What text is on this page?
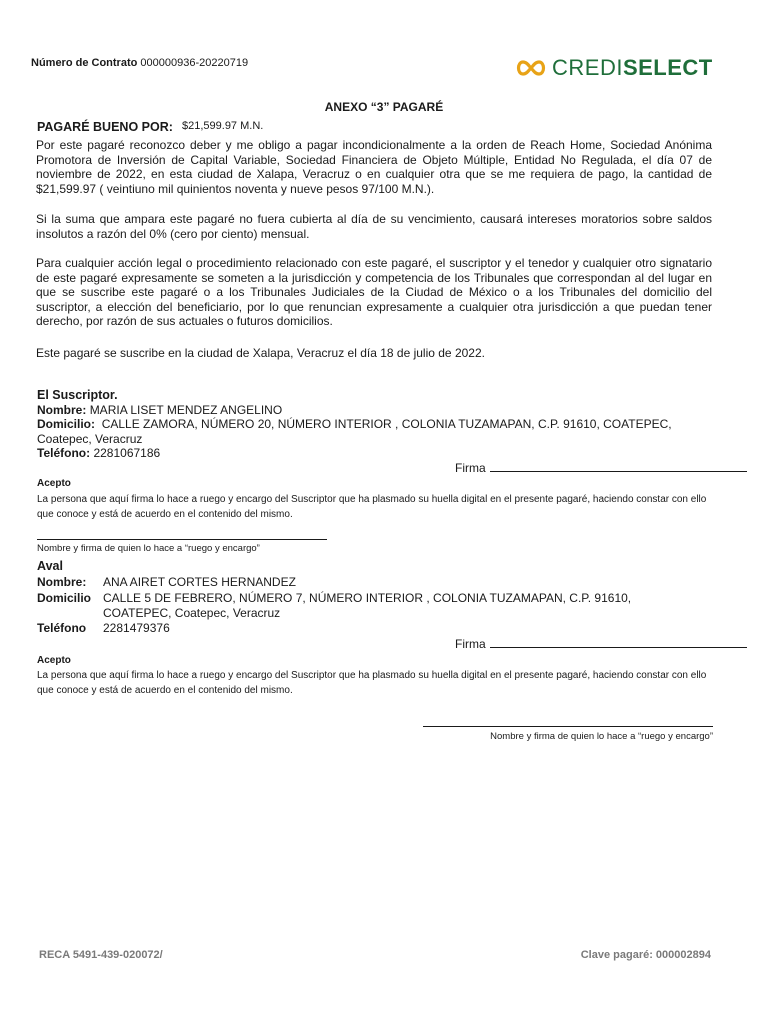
Número de Contrato 000000936-20220719	CREDISELECT
ANEXO “3” PAGARÉ
PAGARÉ BUENO POR: $21,599.97 M.N.
Por este pagaré reconozco deber y me obligo a pagar incondicionalmente a la orden de Reach Home, Sociedad Anónima Promotora de Inversión de Capital Variable, Sociedad Financiera de Objeto Múltiple, Entidad No Regulada, el día 07 de noviembre de 2022, en esta ciudad de Xalapa, Veracruz o en cualquier otra que se me requiera de pago, la cantidad de $21,599.97 ( veintiuno mil quinientos noventa y nueve pesos 97/100 M.N.).
Si la suma que ampara este pagaré no fuera cubierta al día de su vencimiento, causará intereses moratorios sobre saldos insolutos a razón del 0% (cero por ciento) mensual.
Para cualquier acción legal o procedimiento relacionado con este pagaré, el suscriptor y el tenedor y cualquier otro signatario de este pagaré expresamente se someten a la jurisdicción y competencia de los Tribunales que correspondan al del lugar en que se suscribe este pagaré o a los Tribunales Judiciales de la Ciudad de México o a los Tribunales del domicilio del suscriptor, a elección del beneficiario, por lo que renuncian expresamente a cualquier otra jurisdicción a que puedan tener derecho, por razón de sus actuales o futuros domicilios.
Este pagaré se suscribe en la ciudad de Xalapa, Veracruz el día 18 de julio de 2022.
El Suscriptor.
Nombre: MARIA LISET MENDEZ ANGELINO
Domicilio: CALLE ZAMORA, NÚMERO 20, NÚMERO INTERIOR , COLONIA TUZAMAPAN, C.P. 91610, COATEPEC,
Coatepec, Veracruz
Teléfono: 2281067186
Firma
Acepto
La persona que aquí firma lo hace a ruego y encargo del Suscriptor que ha plasmado su huella digital en el presente pagaré, haciendo constar con ello que conoce y está de acuerdo en el contenido del mismo.
Nombre y firma de quien lo hace a “ruego y encargo”
Aval
Nombre: ANA AIRET CORTES HERNANDEZ
Domicilio CALLE 5 DE FEBRERO, NÚMERO 7, NÚMERO INTERIOR , COLONIA TUZAMAPAN, C.P. 91610,
COATEPEC, Coatepec, Veracruz
Teléfono 2281479376
Firma
Acepto
La persona que aquí firma lo hace a ruego y encargo del Suscriptor que ha plasmado su huella digital en el presente pagaré, haciendo constar con ello que conoce y está de acuerdo en el contenido del mismo.
Nombre y firma de quien lo hace a “ruego y encargo”
RECA 5491-439-020072/	Clave pagaré: 000002894
